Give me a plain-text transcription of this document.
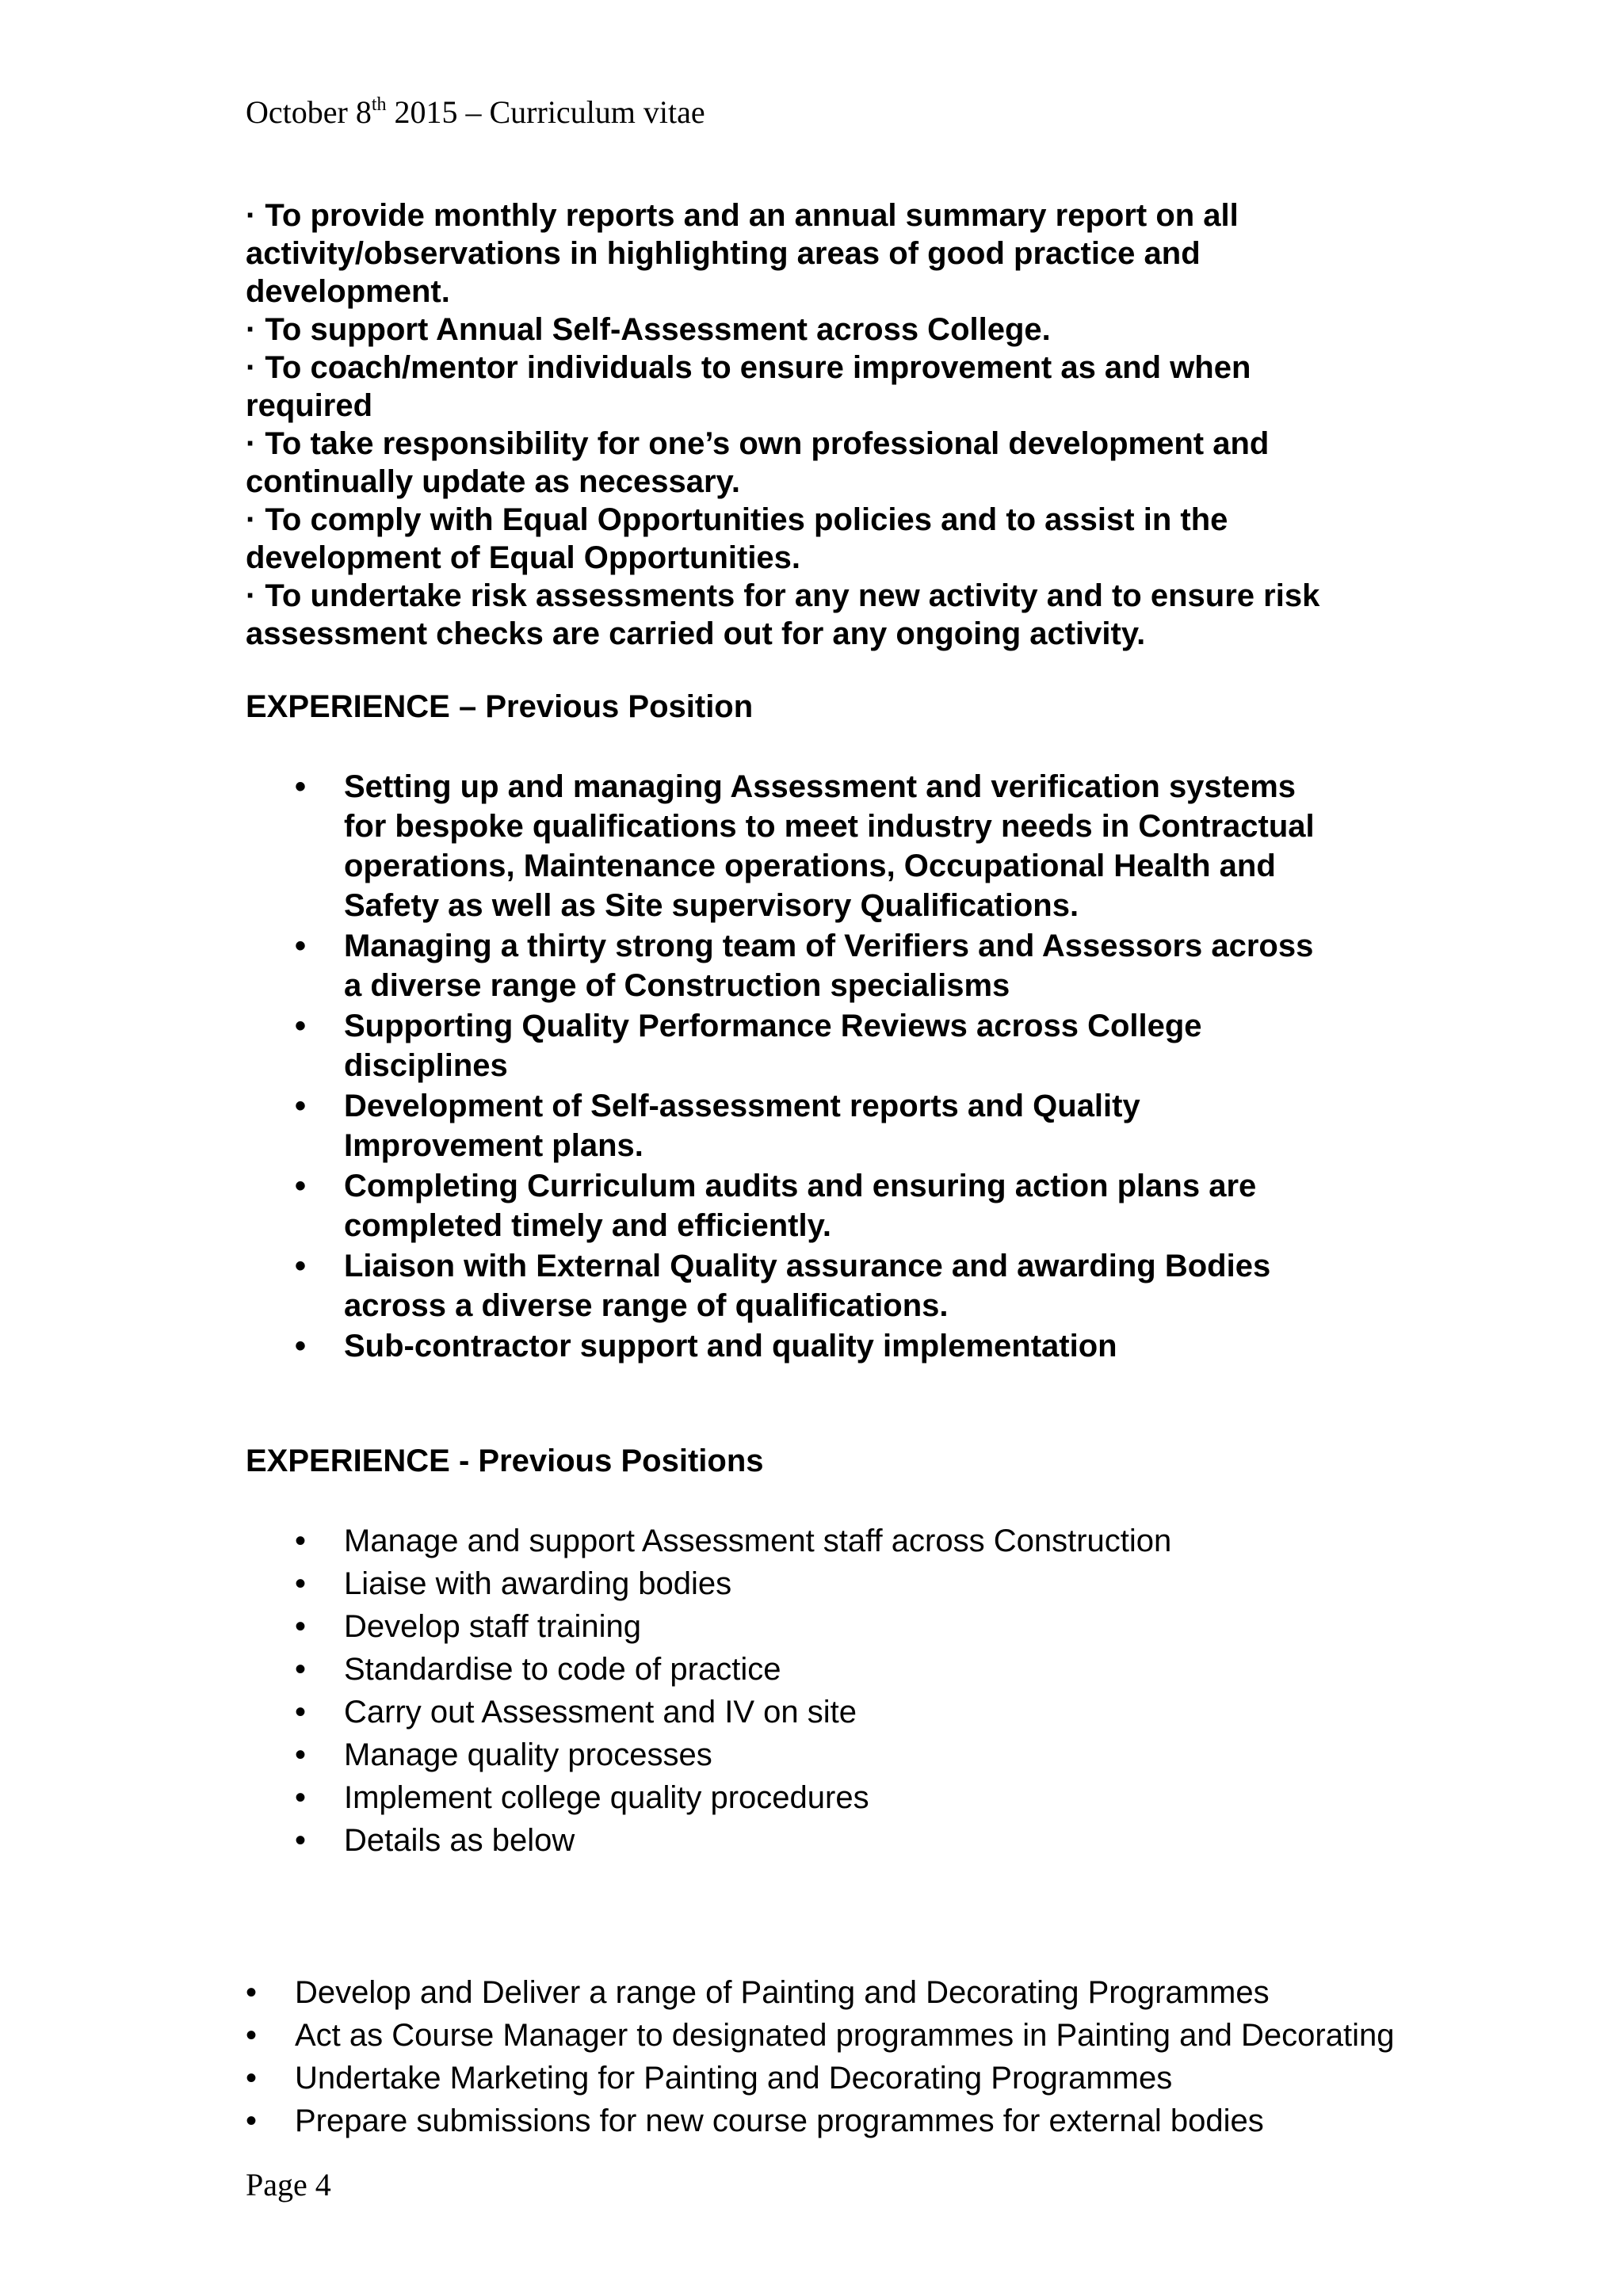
October 8th 2015 – Curriculum vitae
· To provide monthly reports and an annual summary report on all
activity/observations in highlighting areas of good practice and
development.
· To support Annual Self-Assessment across College.
· To coach/mentor individuals to ensure improvement as and when
required
· To take responsibility for one’s own professional development and
continually update as necessary.
· To comply with Equal Opportunities policies and to assist in the
development of Equal Opportunities.
· To undertake risk assessments for any new activity and to ensure risk
assessment checks are carried out for any ongoing activity.
EXPERIENCE – Previous Position
•	Setting up and managing Assessment and verification systems
for bespoke qualifications to meet industry needs in Contractual
operations, Maintenance operations, Occupational Health and
Safety as well as Site supervisory Qualifications.
•	Managing a thirty strong team of Verifiers and Assessors across
a diverse range of Construction specialisms
•	Supporting Quality Performance Reviews across College
disciplines
•	Development of Self-assessment reports and Quality
Improvement plans.
•	Completing Curriculum audits and ensuring action plans are
completed timely and efficiently.
•	Liaison with External Quality assurance and awarding Bodies
across a diverse range of qualifications.
•	Sub-contractor support and quality implementation
EXPERIENCE - Previous Positions
•	Manage and support Assessment staff across Construction
•	Liaise with awarding bodies
•	Develop staff training
•	Standardise to code of practice
•	Carry out Assessment and IV on site
•	Manage quality processes
•	Implement college quality procedures
•	Details as below
•	Develop and Deliver a range of Painting and Decorating Programmes
•	Act as Course Manager to designated programmes in Painting and Decorating
•	Undertake Marketing for Painting and Decorating Programmes
•	Prepare submissions for new course programmes for external bodies
Page 4
